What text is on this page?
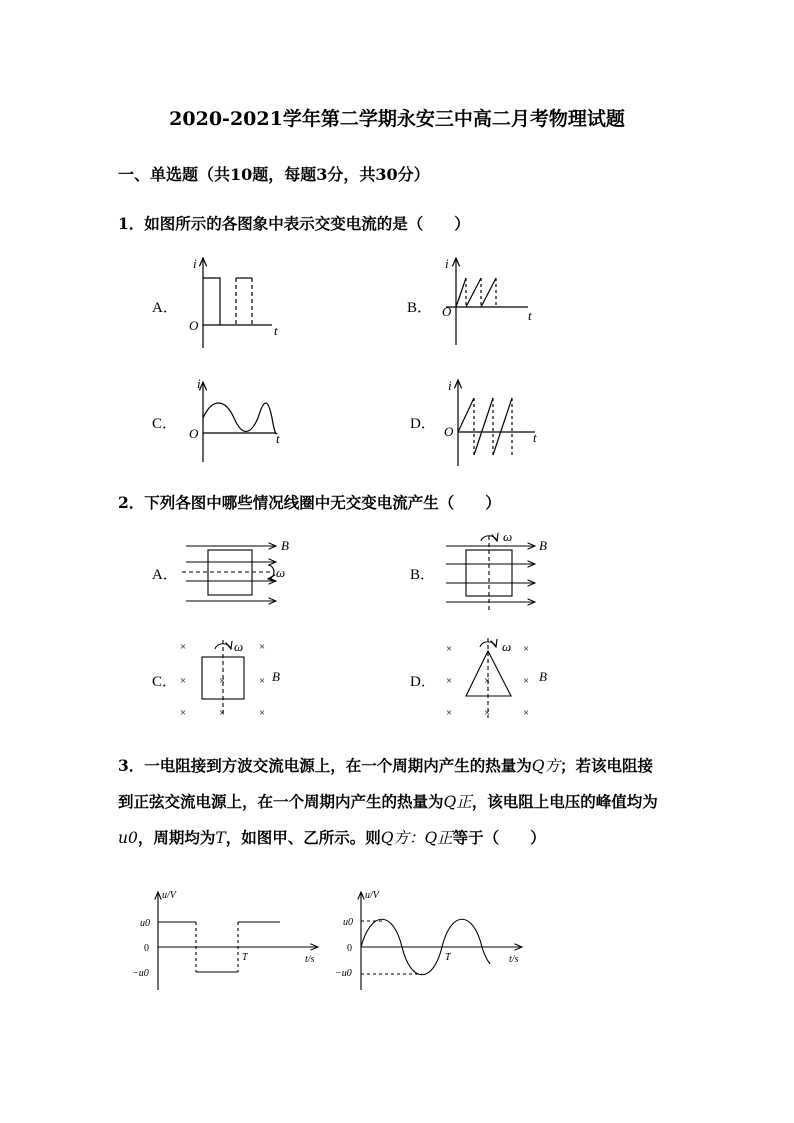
2020-2021学年第二学期永安三中高二月考物理试题
一、单选题（共10题，每题3分，共30分）
1．如图所示的各图象中表示交变电流的是（　　）
A．	B．
C．	D．
i
O	t
i
O	t
i
O	t
i
O	t
B
ω
B
ω
×	×
×	×	×
×	×	×
B
ω	×	×
×	×	×
×	×	×
B
ω
u/V
u0
0
−u0
T	t/s
u/V
u0
0
−u0
T	t/s
2．下列各图中哪些情况线圈中无交变电流产生（　　）
A．	B．
C．	D．
3．一电阻接到方波交流电源上，在一个周期内产生的热量为Q方；若该电阻接
到正弦交流电源上，在一个周期内产生的热量为Q正，该电阻上电压的峰值均为
u0，周期均为T，如图甲、乙所示。则Q方：Q正等于（　　）
